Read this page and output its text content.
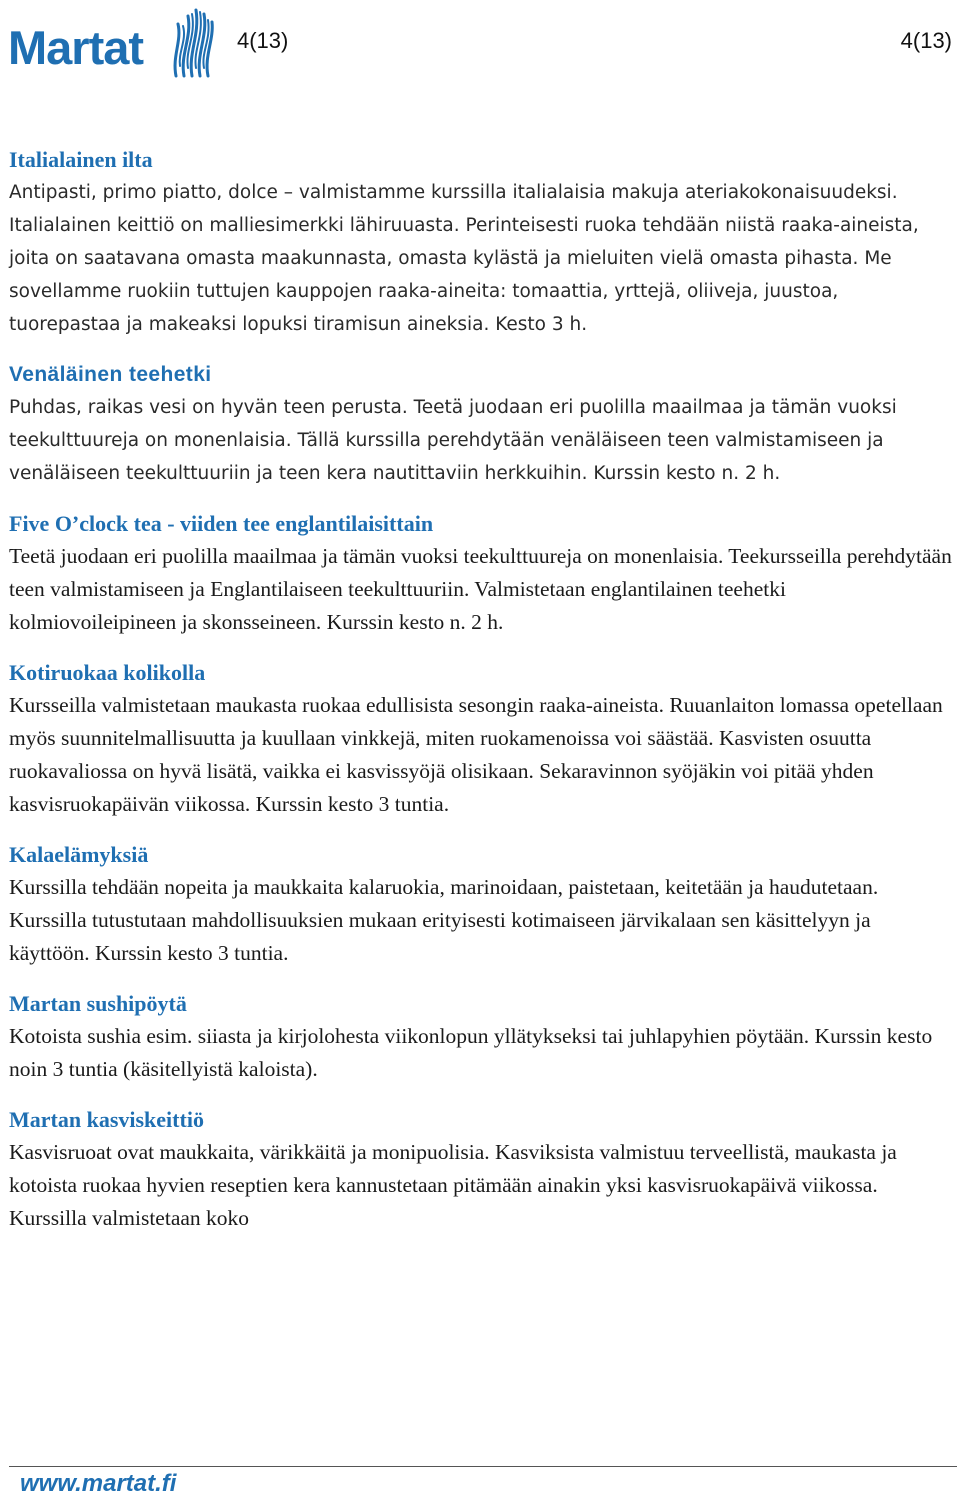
Martat	4(13)	4(13)
Italialainen ilta

Antipasti, primo piatto, dolce – valmistamme kurssilla italialaisia makuja ateriakokonaisuudeksi. Italialainen keittiö on malliesimerkki lähiruuasta. Perinteisesti ruoka tehdään niistä raaka-aineista, joita on saatavana omasta maakunnasta, omasta kylästä ja mieluiten vielä omasta pihasta. Me sovellamme ruokiin tuttujen kauppojen raaka-aineita: tomaattia, yrttejä, oliiveja, juustoa, tuorepastaa ja makeaksi lopuksi tiramisun aineksia. Kesto 3 h.

Venäläinen teehetki

Puhdas, raikas vesi on hyvän teen perusta. Teetä juodaan eri puolilla maailmaa ja tämän vuoksi teekulttuureja on monenlaisia. Tällä kurssilla perehdytään venäläiseen teen valmistamiseen ja venäläiseen teekulttuuriin ja teen kera nautittaviin herkkuihin. Kurssin kesto n. 2 h.

Five O’clock tea - viiden tee englantilaisittain

Teetä juodaan eri puolilla maailmaa ja tämän vuoksi teekulttuureja on monenlaisia. Teekursseilla perehdytään teen valmistamiseen ja Englantilaiseen teekulttuuriin. Valmistetaan englantilainen teehetki kolmiovoileipineen ja skonsseineen. Kurssin kesto n. 2 h.

Kotiruokaa kolikolla

Kursseilla valmistetaan maukasta ruokaa edullisista sesongin raaka-aineista. Ruuanlaiton lomassa opetellaan myös suunnitelmallisuutta ja kuullaan vinkkejä, miten ruokamenoissa voi säästää. Kasvisten osuutta ruokavaliossa on hyvä lisätä, vaikka ei kasvissyöjä olisikaan. Sekaravinnon syöjäkin voi pitää yhden kasvisruokapäivän viikossa. Kurssin kesto 3 tuntia.

Kalaelämyksiä

Kurssilla tehdään nopeita ja maukkaita kalaruokia, marinoidaan, paistetaan, keitetään ja haudutetaan. Kurssilla tutustutaan mahdollisuuksien mukaan erityisesti kotimaiseen järvikalaan sen käsittelyyn ja käyttöön. Kurssin kesto 3 tuntia.

Martan sushipöytä

Kotoista sushia esim. siiasta ja kirjolohesta viikonlopun yllätykseksi tai juhlapyhien pöytään. Kurssin kesto noin 3 tuntia (käsitellyistä kaloista).

Martan kasviskeittiö

Kasvisruoat ovat maukkaita, värikkäitä ja monipuolisia. Kasviksista valmistuu terveellistä, maukasta ja kotoista ruokaa hyvien reseptien kera kannustetaan pitämään ainakin yksi kasvisruokapäivä viikossa. Kurssilla valmistetaan koko

www.martat.fi
